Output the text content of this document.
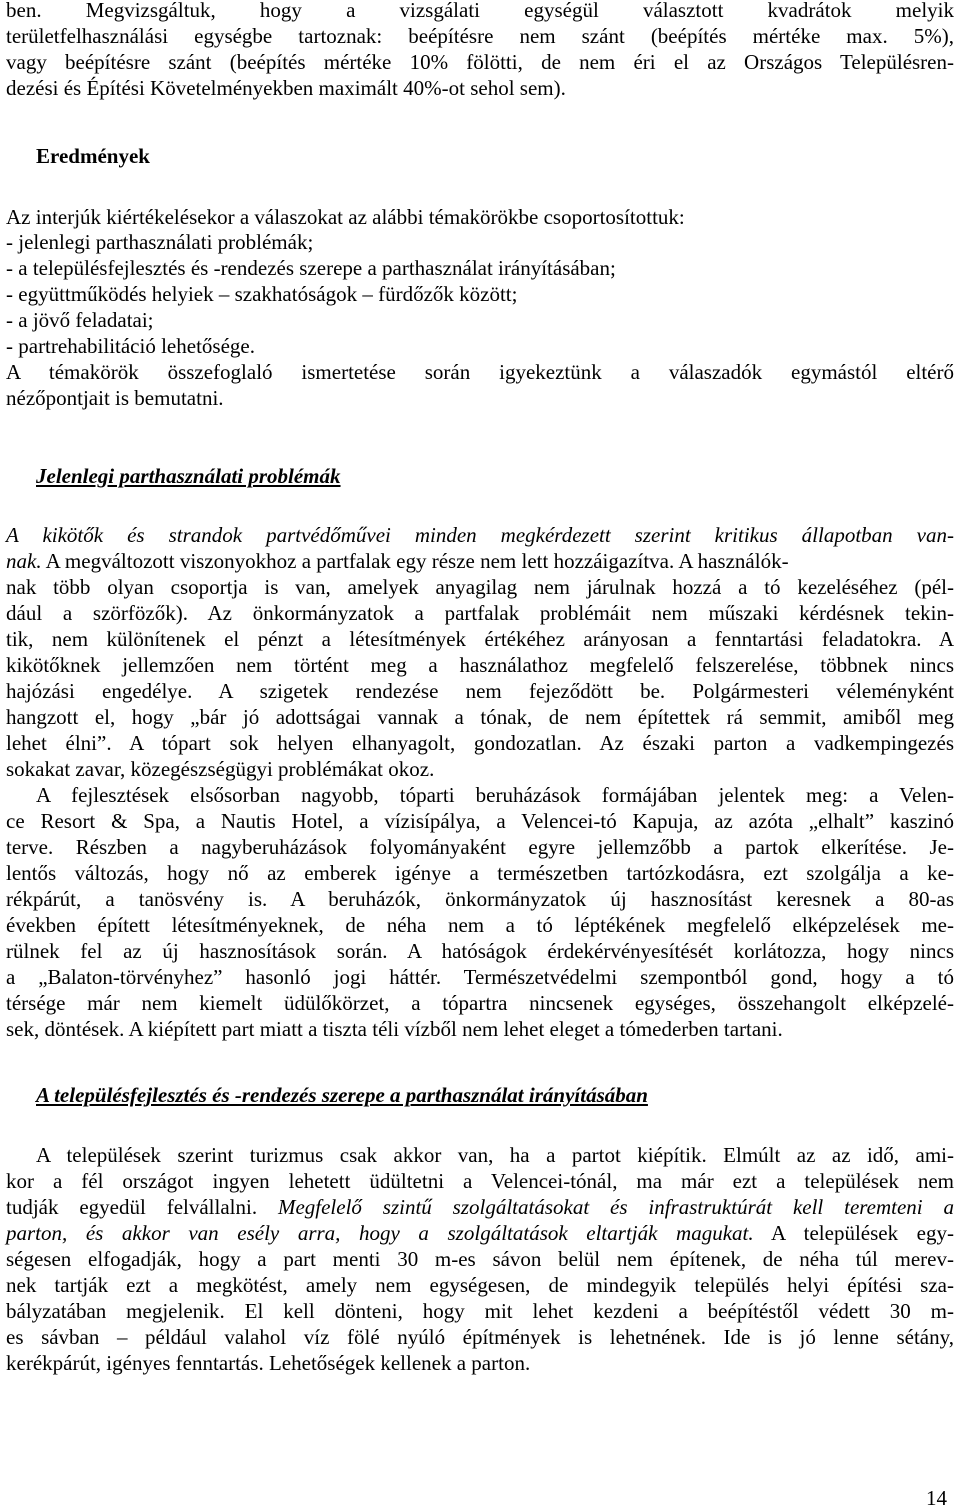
ben. Megvizsgáltuk, hogy a vizsgálati egységül választott kvadrátok melyik
területfelhasználási egységbe tartoznak: beépítésre nem szánt (beépítés mértéke max. 5%),
vagy beépítésre szánt (beépítés mértéke 10% fölötti, de nem éri el az Országos Településren-
dezési és Építési Követelményekben maximált 40%-ot sehol sem).
Eredmények
Az interjúk kiértékelésekor a válaszokat az alábbi témakörökbe csoportosítottuk:
- jelenlegi parthasználati problémák;
- a településfejlesztés és -rendezés szerepe a parthasználat irányításában;
- együttműködés helyiek – szakhatóságok – fürdőzők között;
- a jövő feladatai;
- partrehabilitáció lehetősége.
A témakörök összefoglaló ismertetése során igyekeztünk a válaszadók egymástól eltérő
nézőpontjait is bemutatni.
Jelenlegi parthasználati problémák
A kikötők és strandok partvédőművei minden megkérdezett szerint kritikus állapotban van-
nak. A megváltozott viszonyokhoz a partfalak egy része nem lett hozzáigazítva. A használók-
nak több olyan csoportja is van, amelyek anyagilag nem járulnak hozzá a tó kezeléséhez (pél-
dául a szörfözők). Az önkormányzatok a partfalak problémáit nem műszaki kérdésnek tekin-
tik, nem különítenek el pénzt a létesítmények értékéhez arányosan a fenntartási feladatokra. A
kikötőknek jellemzően nem történt meg a használathoz megfelelő felszerelése, többnek nincs
hajózási engedélye. A szigetek rendezése nem fejeződött be. Polgármesteri véleményként
hangzott el, hogy „bár jó adottságai vannak a tónak, de nem építettek rá semmit, amiből meg
lehet élni”. A tópart sok helyen elhanyagolt, gondozatlan. Az északi parton a vadkempingezés
sokakat zavar, közegészségügyi problémákat okoz.
A fejlesztések elsősorban nagyobb, tóparti beruházások formájában jelentek meg: a Velen-
ce Resort & Spa, a Nautis Hotel, a vízisípálya, a Velencei-tó Kapuja, az azóta „elhalt” kaszinó
terve. Részben a nagyberuházások folyományaként egyre jellemzőbb a partok elkerítése. Je-
lentős változás, hogy nő az emberek igénye a természetben tartózkodásra, ezt szolgálja a ke-
rékpárút, a tanösvény is. A beruházók, önkormányzatok új hasznosítást keresnek a 80-as
években épített létesítményeknek, de néha nem a tó léptékének megfelelő elképzelések me-
rülnek fel az új hasznosítások során. A hatóságok érdekérvényesítését korlátozza, hogy nincs
a „Balaton-törvényhez” hasonló jogi háttér. Természetvédelmi szempontból gond, hogy a tó
térsége már nem kiemelt üdülőkörzet, a tópartra nincsenek egységes, összehangolt elképzelé-
sek, döntések. A kiépített part miatt a tiszta téli vízből nem lehet eleget a tómederben tartani.
A településfejlesztés és -rendezés szerepe a parthasználat irányításában
A települések szerint turizmus csak akkor van, ha a partot kiépítik. Elmúlt az az idő, ami-
kor a fél országot ingyen lehetett üdültetni a Velencei-tónál, ma már ezt a települések nem
tudják egyedül felvállalni. Megfelelő szintű szolgáltatásokat és infrastruktúrát kell teremteni a
parton, és akkor van esély arra, hogy a szolgáltatások eltartják magukat. A települések egy-
ségesen elfogadják, hogy a part menti 30 m-es sávon belül nem építenek, de néha túl merev-
nek tartják ezt a megkötést, amely nem egységesen, de mindegyik település helyi építési sza-
bályzatában megjelenik. El kell dönteni, hogy mit lehet kezdeni a beépítéstől védett 30 m-
es sávban – például valahol víz fölé nyúló építmények is lehetnének. Ide is jó lenne sétány,
kerékpárút, igényes fenntartás. Lehetőségek kellenek a parton.
14
